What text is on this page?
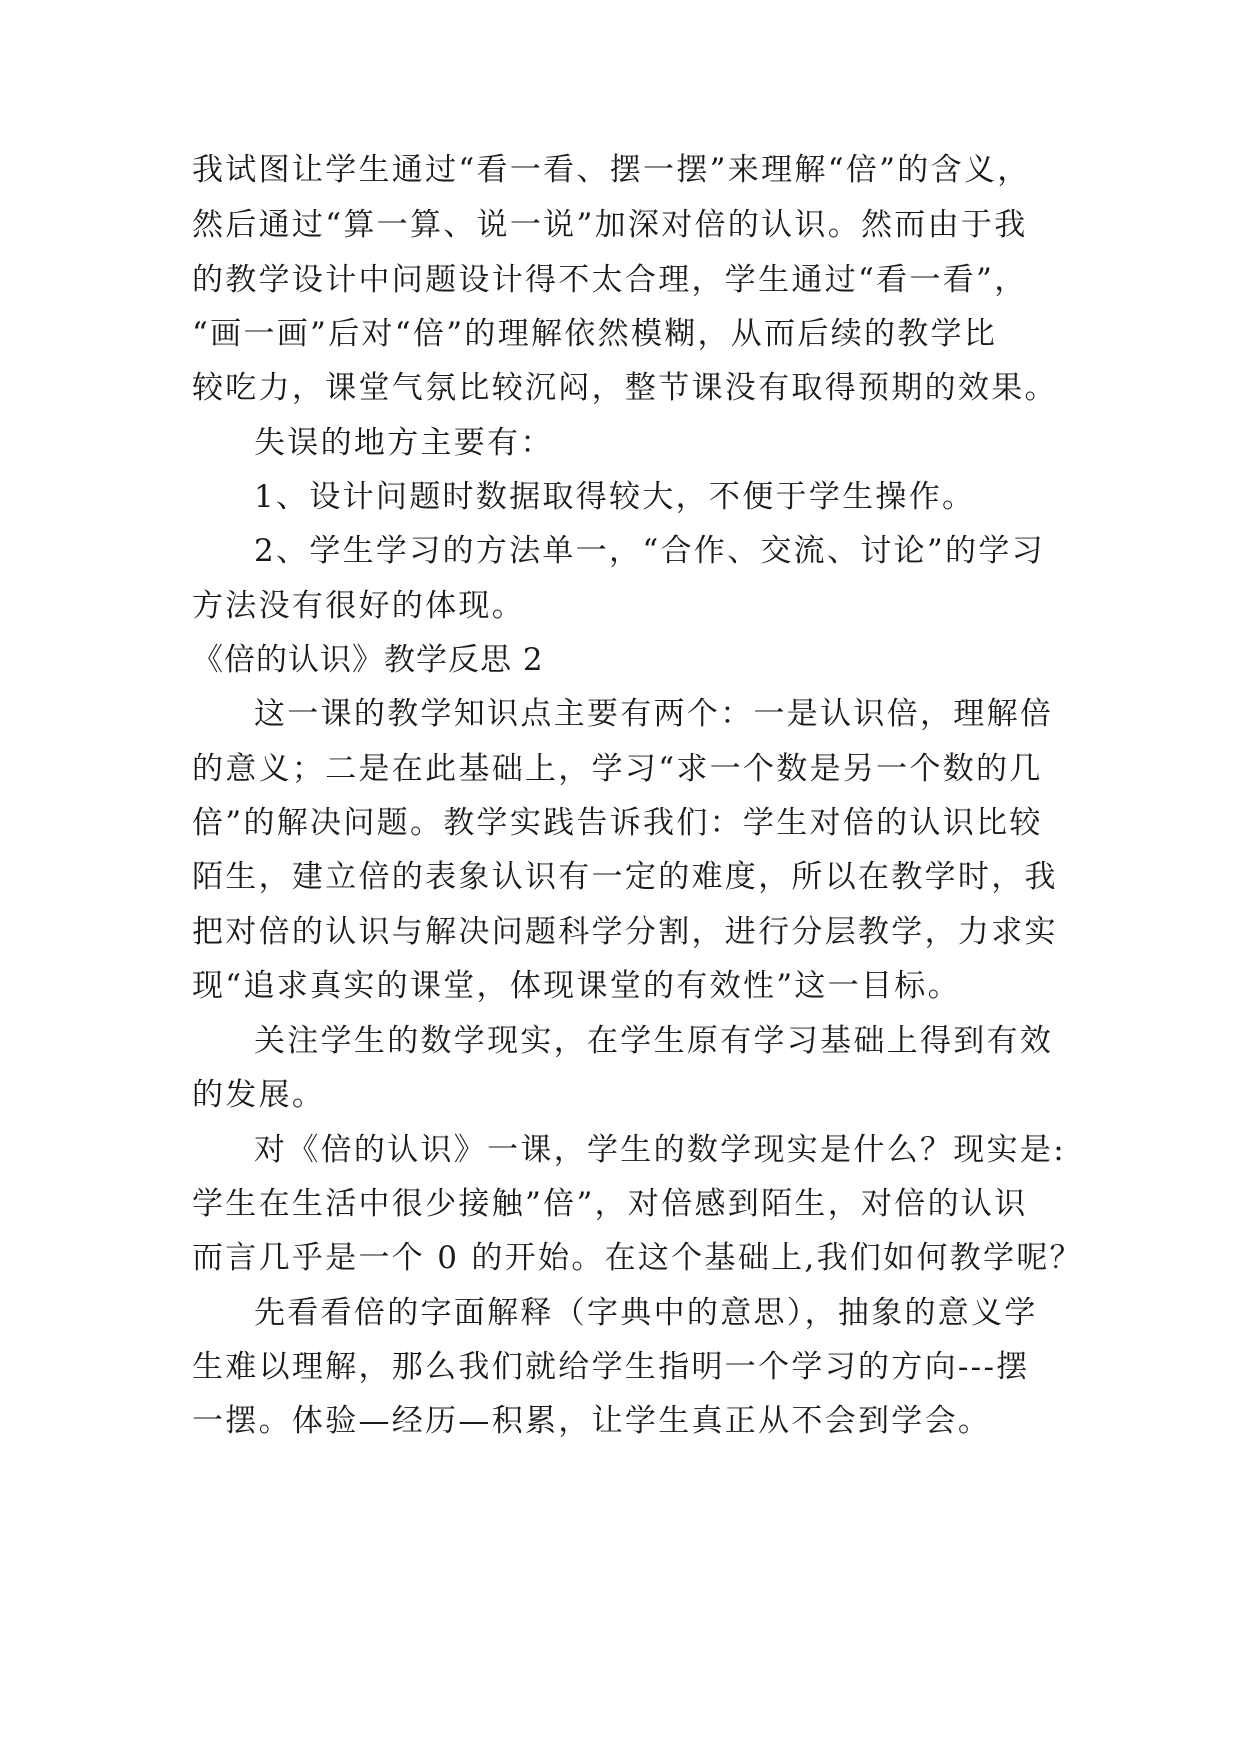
我试图让学生通过“看一看、摆一摆”来理解“倍”的含义，
然后通过“算一算、说一说”加深对倍的认识。然而由于我
的教学设计中问题设计得不太合理，学生通过“看一看”，
“画一画”后对“倍”的理解依然模糊，从而后续的教学比
较吃力，课堂气氛比较沉闷，整节课没有取得预期的效果。
失误的地方主要有：
1、设计问题时数据取得较大，不便于学生操作。
2、学生学习的方法单一，“合作、交流、讨论”的学习
方法没有很好的体现。
《倍的认识》教学反思 2
这一课的教学知识点主要有两个：一是认识倍，理解倍
的意义；二是在此基础上，学习“求一个数是另一个数的几
倍”的解决问题。教学实践告诉我们：学生对倍的认识比较
陌生，建立倍的表象认识有一定的难度，所以在教学时，我
把对倍的认识与解决问题科学分割，进行分层教学，力求实
现“追求真实的课堂，体现课堂的有效性”这一目标。
关注学生的数学现实，在学生原有学习基础上得到有效
的发展。
对《倍的认识》一课，学生的数学现实是什么？现实是:
学生在生活中很少接触”倍”，对倍感到陌生，对倍的认识
而言几乎是一个 0 的开始。在这个基础上,我们如何教学呢？
先看看倍的字面解释（字典中的意思），抽象的意义学
生难以理解，那么我们就给学生指明一个学习的方向---摆
一摆。体验—经历—积累，让学生真正从不会到学会。
